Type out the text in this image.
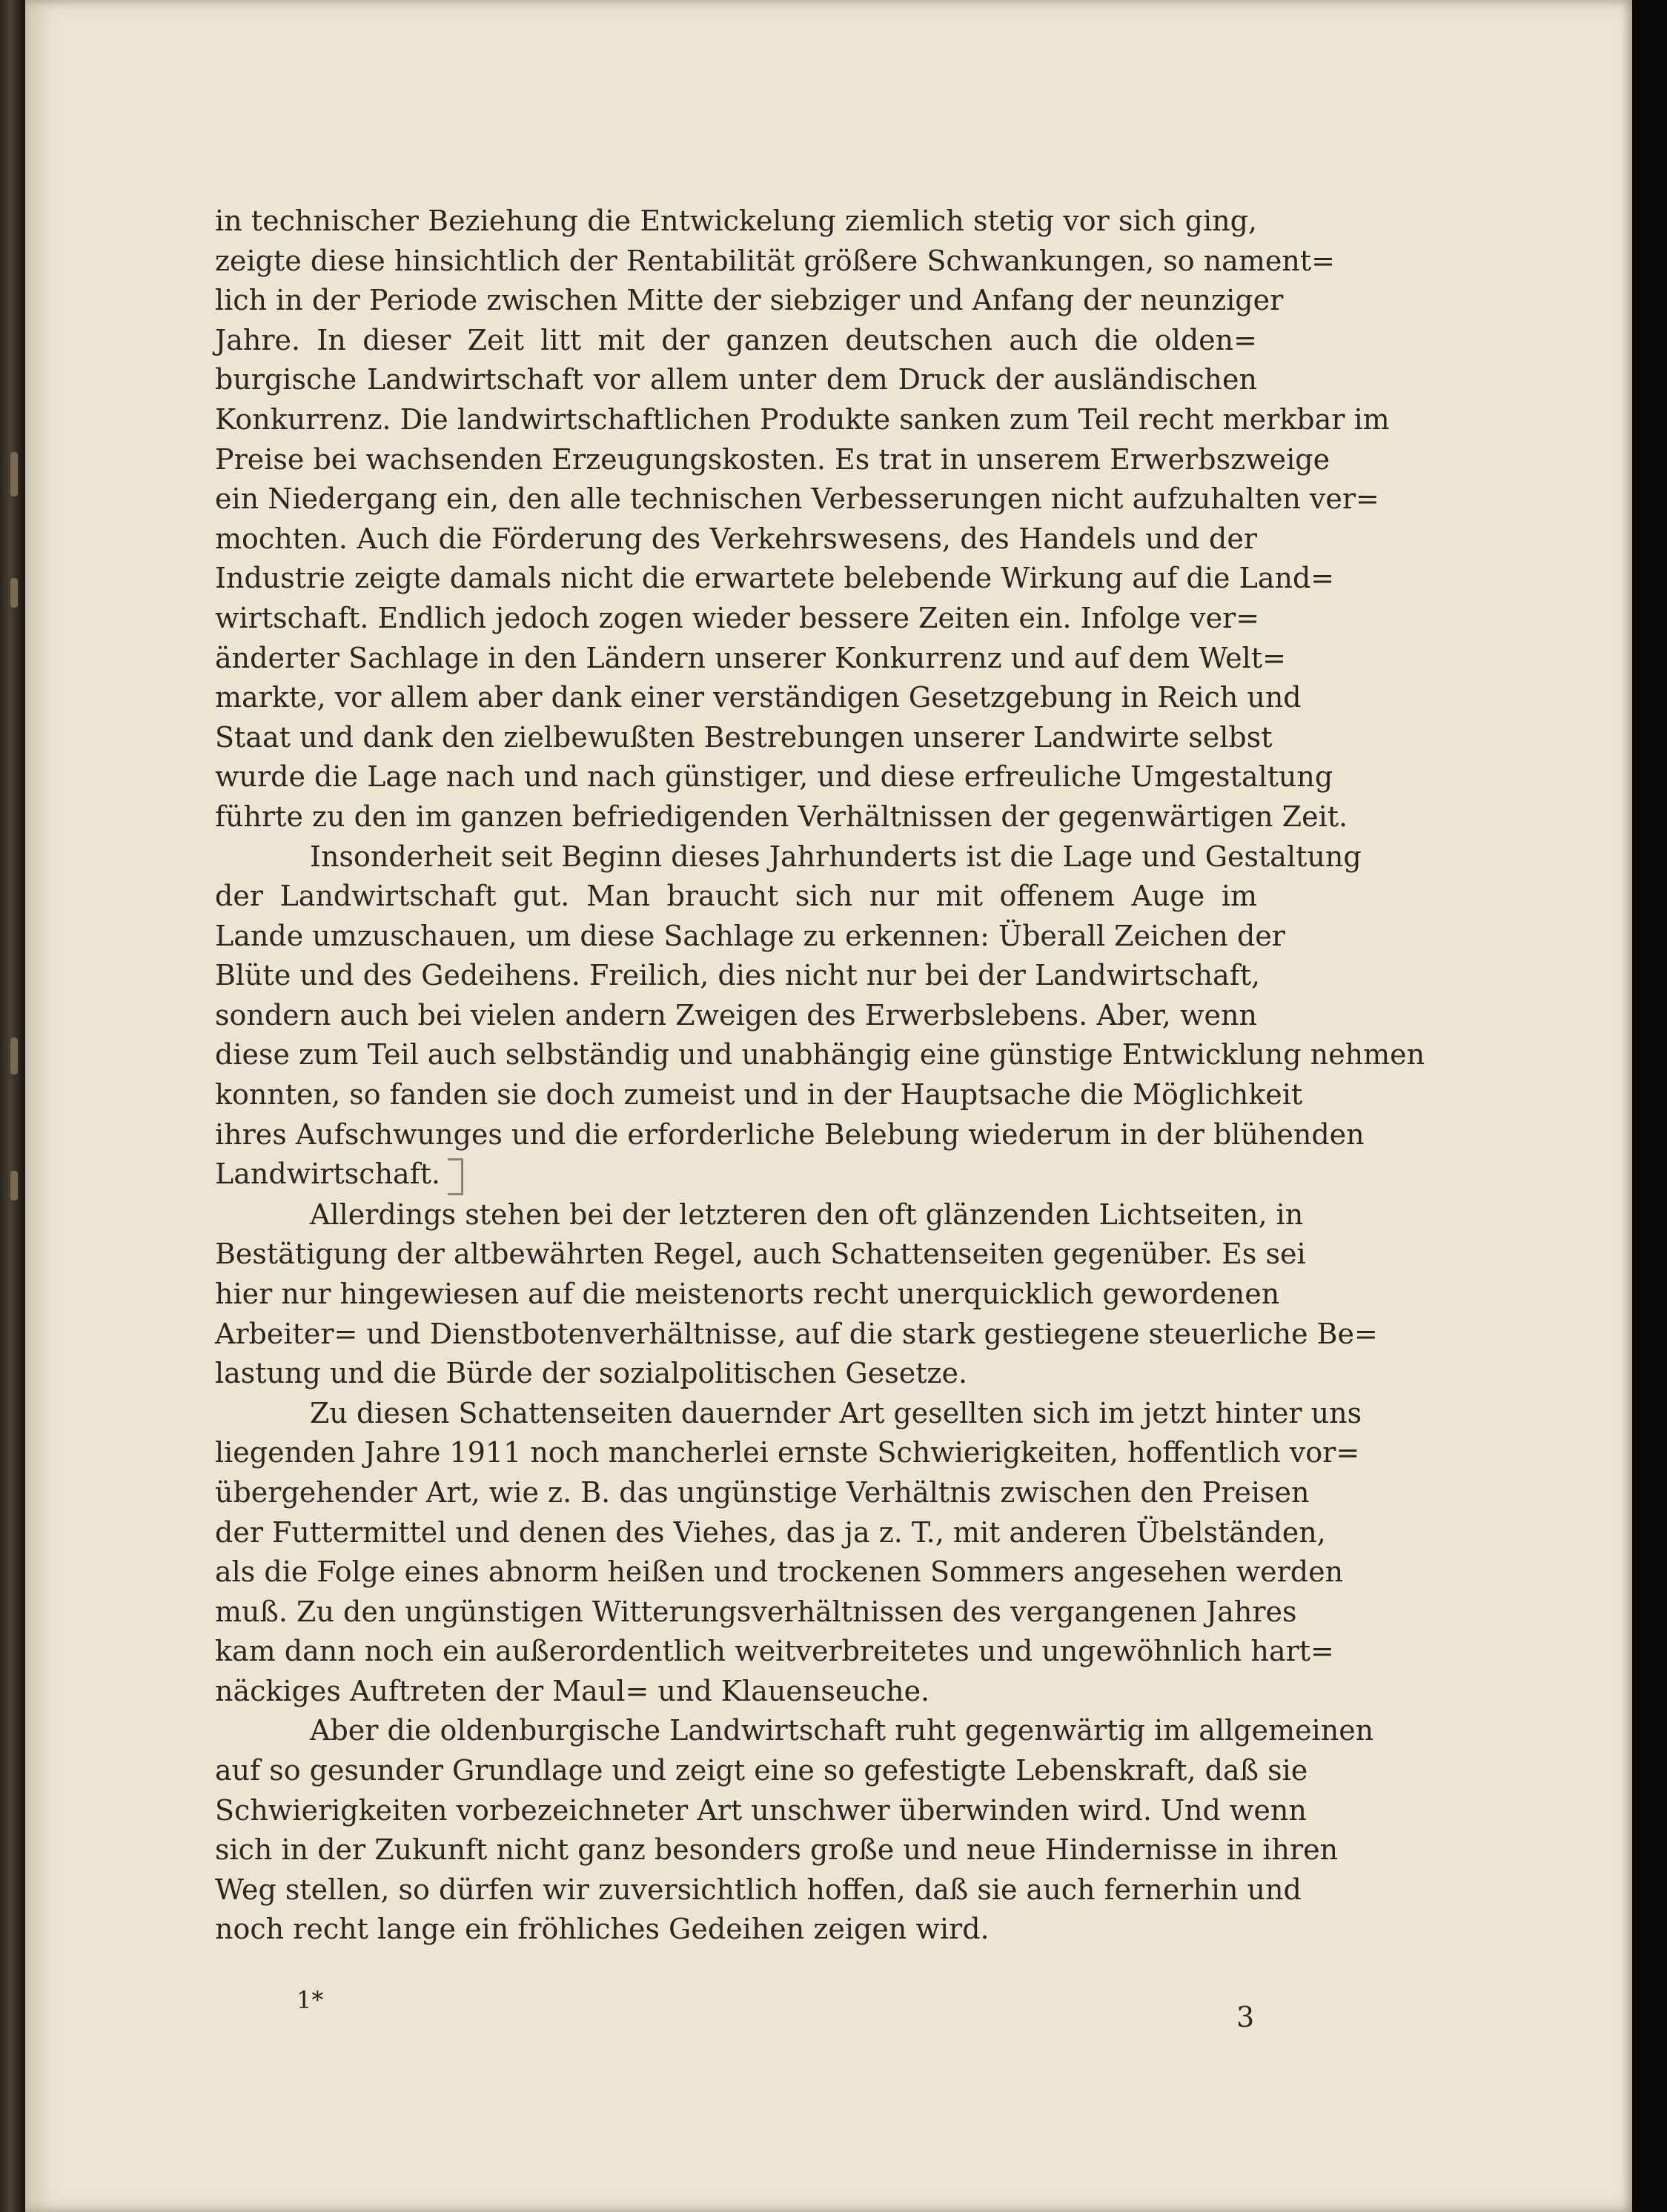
in technischer Beziehung die Entwickelung ziemlich stetig vor sich ging,
zeigte diese hinsichtlich der Rentabilität größere Schwankungen, so nament=
lich in der Periode zwischen Mitte der siebziger und Anfang der neunziger
Jahre. In dieser Zeit litt mit der ganzen deutschen auch die olden=
burgische Landwirtschaft vor allem unter dem Druck der ausländischen
Konkurrenz. Die landwirtschaftlichen Produkte sanken zum Teil recht merkbar im
Preise bei wachsenden Erzeugungskosten. Es trat in unserem Erwerbszweige
ein Niedergang ein, den alle technischen Verbesserungen nicht aufzuhalten ver=
mochten. Auch die Förderung des Verkehrswesens, des Handels und der
Industrie zeigte damals nicht die erwartete belebende Wirkung auf die Land=
wirtschaft. Endlich jedoch zogen wieder bessere Zeiten ein. Infolge ver=
änderter Sachlage in den Ländern unserer Konkurrenz und auf dem Welt=
markte, vor allem aber dank einer verständigen Gesetzgebung in Reich und
Staat und dank den zielbewußten Bestrebungen unserer Landwirte selbst
wurde die Lage nach und nach günstiger, und diese erfreuliche Umgestaltung
führte zu den im ganzen befriedigenden Verhältnissen der gegenwärtigen Zeit.

Insonderheit seit Beginn dieses Jahrhunderts ist die Lage und Gestaltung
der Landwirtschaft gut. Man braucht sich nur mit offenem Auge im
Lande umzuschauen, um diese Sachlage zu erkennen: Überall Zeichen der
Blüte und des Gedeihens. Freilich, dies nicht nur bei der Landwirtschaft,
sondern auch bei vielen andern Zweigen des Erwerbslebens. Aber, wenn
diese zum Teil auch selbständig und unabhängig eine günstige Entwicklung nehmen
konnten, so fanden sie doch zumeist und in der Hauptsache die Möglichkeit
ihres Aufschwunges und die erforderliche Belebung wiederum in der blühenden
Landwirtschaft.

Allerdings stehen bei der letzteren den oft glänzenden Lichtseiten, in
Bestätigung der altbewährten Regel, auch Schattenseiten gegenüber. Es sei
hier nur hingewiesen auf die meistenorts recht unerquicklich gewordenen
Arbeiter= und Dienstbotenverhältnisse, auf die stark gestiegene steuerliche Be=
lastung und die Bürde der sozialpolitischen Gesetze.

Zu diesen Schattenseiten dauernder Art gesellten sich im jetzt hinter uns
liegenden Jahre 1911 noch mancherlei ernste Schwierigkeiten, hoffentlich vor=
übergehender Art, wie z. B. das ungünstige Verhältnis zwischen den Preisen
der Futtermittel und denen des Viehes, das ja z. T., mit anderen Übelständen,
als die Folge eines abnorm heißen und trockenen Sommers angesehen werden
muß. Zu den ungünstigen Witterungsverhältnissen des vergangenen Jahres
kam dann noch ein außerordentlich weitverbreitetes und ungewöhnlich hart=
näckiges Auftreten der Maul= und Klauenseuche.

Aber die oldenburgische Landwirtschaft ruht gegenwärtig im allgemeinen
auf so gesunder Grundlage und zeigt eine so gefestigte Lebenskraft, daß sie
Schwierigkeiten vorbezeichneter Art unschwer überwinden wird. Und wenn
sich in der Zukunft nicht ganz besonders große und neue Hindernisse in ihren
Weg stellen, so dürfen wir zuversichtlich hoffen, daß sie auch fernerhin und
noch recht lange ein fröhliches Gedeihen zeigen wird.

1*
3
